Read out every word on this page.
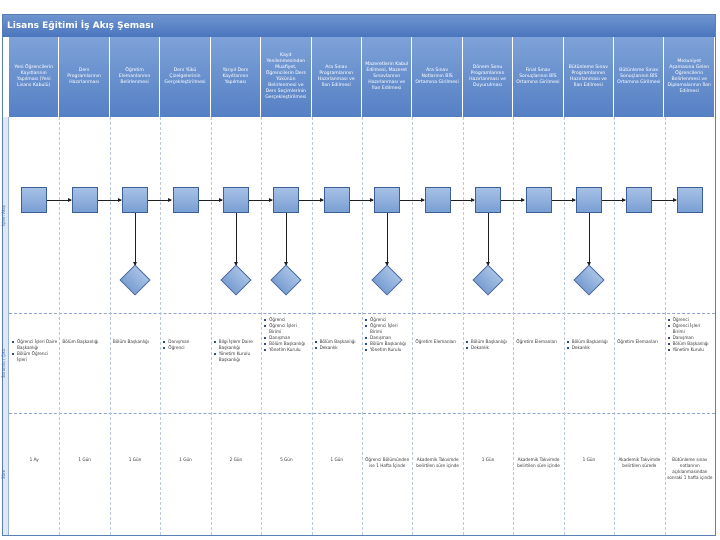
Lisans Eğitimi İş Akış Şeması
İşlem Akışı
Sorumlu / Çıktı
Süre
Yeni Öğrencilerin Kayıtlarının Yapılması (Yeni Lisans Kabulü)
Ders Programlarının Hazırlanması
Öğretim Elemanlarının Belirlenmesi
Ders Yükü Çizelgelerinin Gerçekleştirilmesi
Yarıyıl Ders Kayıtlarının Yapılması
Kayıt Yenilenmesinden Muafiyet, Öğrencilerin Ders Yükünün Belirlenmesi ve Ders Seçimlerinin Gerçekleştirilmesi
Ara Sınav Programlarının Hazırlanması ve İlan Edilmesi
Mazeretlerin Kabul Edilmesi, Mazeret Sınavlarının Hazırlanması ve İlan Edilmesi
Ara Sınav Notlarının BİS Ortamına Girilmesi
Dönem Sonu Programlarının Hazırlanması ve Duyurulması
Final Sınav Sonuçlarının BİS Ortamına Girilmesi
Bütünleme Sınav Programlarının Hazırlanması ve İlan Edilmesi
Bütünleme Sınav Sonuçlarının BİS Ortamına Girilmesi
Mezuniyet Aşamasına Gelen Öğrencilerin Belirlenmesi ve Diplomalarının İlan Edilmesi
Öğrenci İşleri Daire Başkanlığı
Bölüm Öğrenci İşleri
1 Ay
Bölüm Başkanlığı
1 Gün
Bölüm Başkanlığı
1 Gün
Danışman
Öğrenci
1 Gün
Bilgi İşlem Daire Başkanlığı
Yönetim Kurulu Başkanlığı
2 Gün
Öğrenci
Öğrenci İşleri Birimi
Danışman
Bölüm Başkanlığı
Yönetim Kurulu
5 Gün
Bölüm Başkanlığı
Dekanlık
1 Gün
Öğrenci
Öğrenci İşleri Birimi
Danışman
Bölüm Başkanlığı
Yönetim Kurulu
Öğrenci Bölümünden ise 1 Hafta İçinde
Öğretim Elemanları
Akademik Takvimde belirtilen süre içinde
Bölüm Başkanlığı
Dekanlık
1 Gün
Öğretim Elemanları
Akademik Takvimde belirtilen süre içinde
Bölüm Başkanlığı
Dekanlık
1 Gün
Öğretim Elemanları
Akademik Takvimde belirtilen sürede
Öğrenci
Öğrenci İşleri Birimi
Danışman
Bölüm Başkanlığı
Yönetim Kurulu
Bütünleme sınav notlarının açıklanmasından sonraki 1 hafta içinde
